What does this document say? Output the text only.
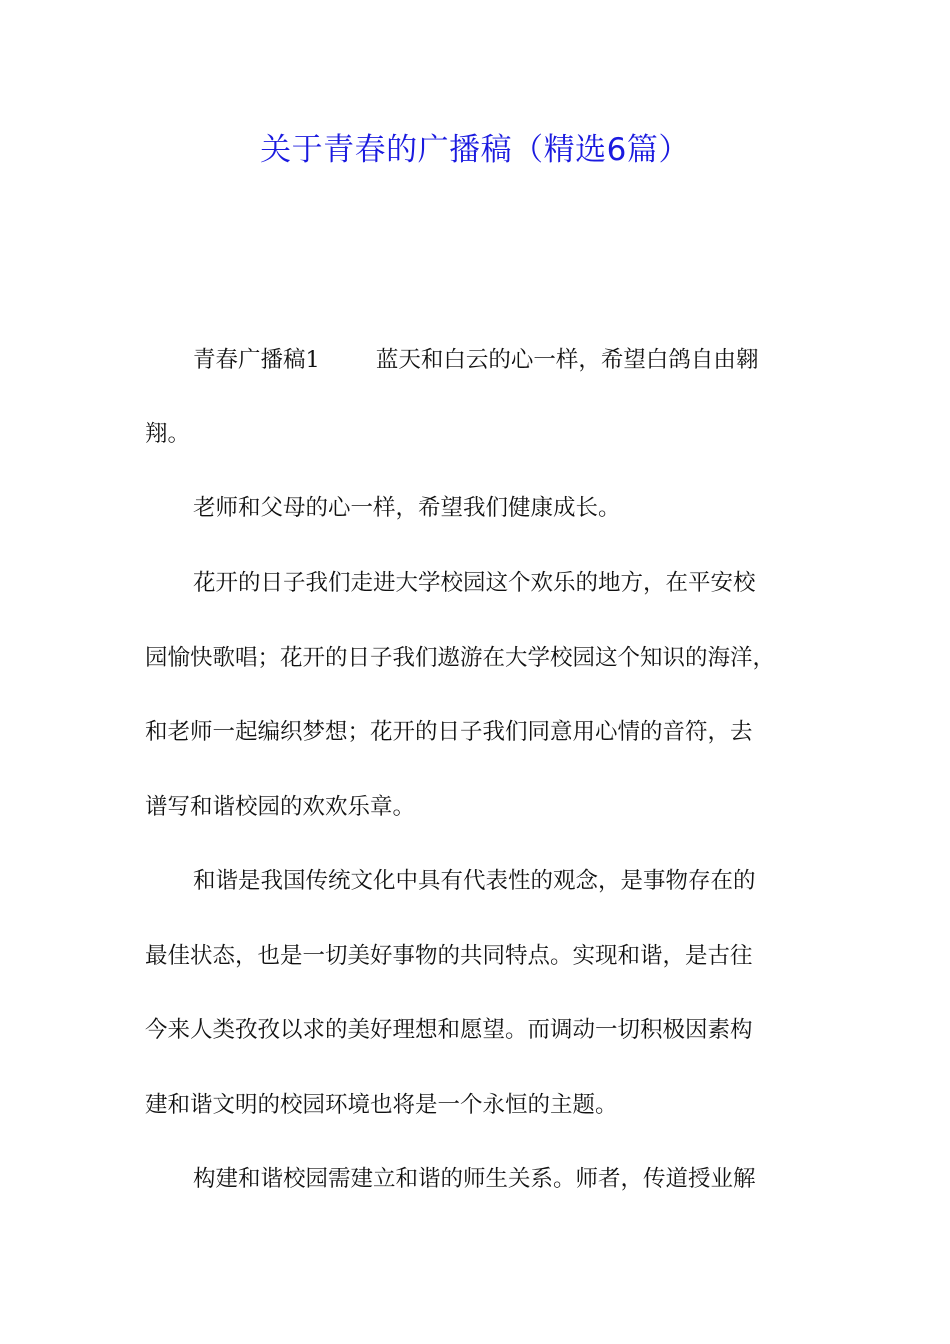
关于青春的广播稿（精选6篇）
青春广播稿1 蓝天和白云的心一样，希望白鸽自由翱
翔。
老师和父母的心一样，希望我们健康成长。
花开的日子我们走进大学校园这个欢乐的地方，在平安校
园愉快歌唱；花开的日子我们遨游在大学校园这个知识的海洋，
和老师一起编织梦想；花开的日子我们同意用心情的音符，去
谱写和谐校园的欢欢乐章。
和谐是我国传统文化中具有代表性的观念，是事物存在的
最佳状态，也是一切美好事物的共同特点。实现和谐，是古往
今来人类孜孜以求的美好理想和愿望。而调动一切积极因素构
建和谐文明的校园环境也将是一个永恒的主题。
构建和谐校园需建立和谐的师生关系。师者，传道授业解
